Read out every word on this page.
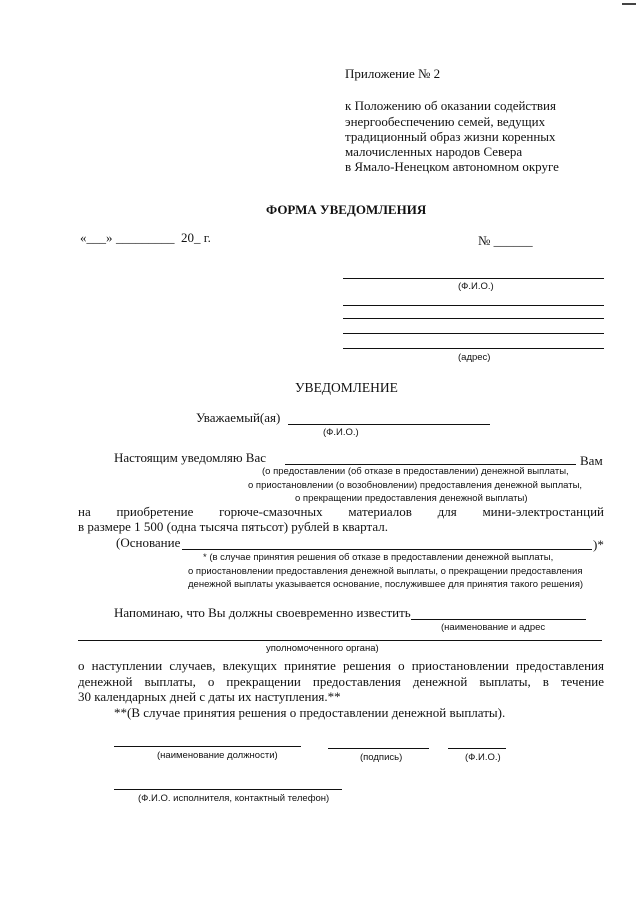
Приложение № 2
к Положению об оказании содействия
энергообеспечению семей, ведущих
традиционный образ жизни коренных
малочисленных народов Севера
в Ямало-Ненецком автономном округе
ФОРМА УВЕДОМЛЕНИЯ
«___» _________ 20_ г.	№ ______
(Ф.И.О.)
(адрес)
УВЕДОМЛЕНИЕ
Уважаемый(ая)
(Ф.И.О.)
Настоящим уведомляю Вас	Вам
(о предоставлении (об отказе в предоставлении) денежной выплаты,
о приостановлении (о возобновлении) предоставления денежной выплаты,
о прекращении предоставления денежной выплаты)
на приобретение горюче-смазочных материалов для мини-электростанций
в размере 1 500 (одна тысяча пятьсот) рублей в квартал.
(Основание	)*
* (в случае принятия решения об отказе в предоставлении денежной выплаты,
о приостановлении предоставления денежной выплаты, о прекращении предоставления
денежной выплаты указывается основание, послужившее для принятия такого решения)
Напоминаю, что Вы должны своевременно известить
(наименование и адрес
уполномоченного органа)
о наступлении случаев, влекущих принятие решения о приостановлении предоставления
денежной выплаты, о прекращении предоставления денежной выплаты, в течение
30 календарных дней с даты их наступления.**
**(В случае принятия решения о предоставлении денежной выплаты).
(наименование должности)	(подпись)	(Ф.И.О.)
(Ф.И.О. исполнителя, контактный телефон)
